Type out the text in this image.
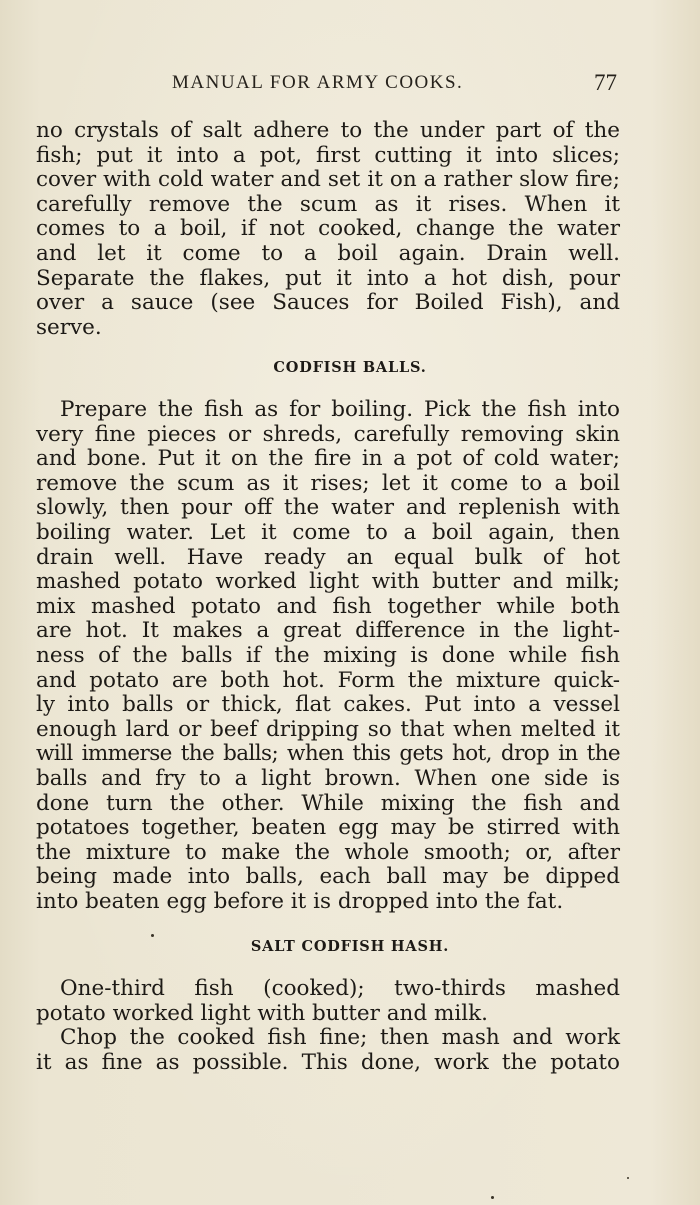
MANUAL FOR ARMY COOKS.	77
no crystals of salt adhere to the under part of the
fish; put it into a pot, first cutting it into slices;
cover with cold water and set it on a rather slow fire;
carefully remove the scum as it rises. When it
comes to a boil, if not cooked, change the water
and let it come to a boil again. Drain well.
Separate the flakes, put it into a hot dish, pour
over a sauce (see Sauces for Boiled Fish), and
serve.
CODFISH BALLS.
Prepare the fish as for boiling. Pick the fish into
very fine pieces or shreds, carefully removing skin
and bone. Put it on the fire in a pot of cold water;
remove the scum as it rises; let it come to a boil
slowly, then pour off the water and replenish with
boiling water. Let it come to a boil again, then
drain well. Have ready an equal bulk of hot
mashed potato worked light with butter and milk;
mix mashed potato and fish together while both
are hot. It makes a great difference in the light-
ness of the balls if the mixing is done while fish
and potato are both hot. Form the mixture quick-
ly into balls or thick, flat cakes. Put into a vessel
enough lard or beef dripping so that when melted it
will immerse the balls; when this gets hot, drop in the
balls and fry to a light brown. When one side is
done turn the other. While mixing the fish and
potatoes together, beaten egg may be stirred with
the mixture to make the whole smooth; or, after
being made into balls, each ball may be dipped
into beaten egg before it is dropped into the fat.
SALT CODFISH HASH.
One-third fish (cooked); two-thirds mashed
potato worked light with butter and milk.
Chop the cooked fish fine; then mash and work
it as fine as possible. This done, work the potato
